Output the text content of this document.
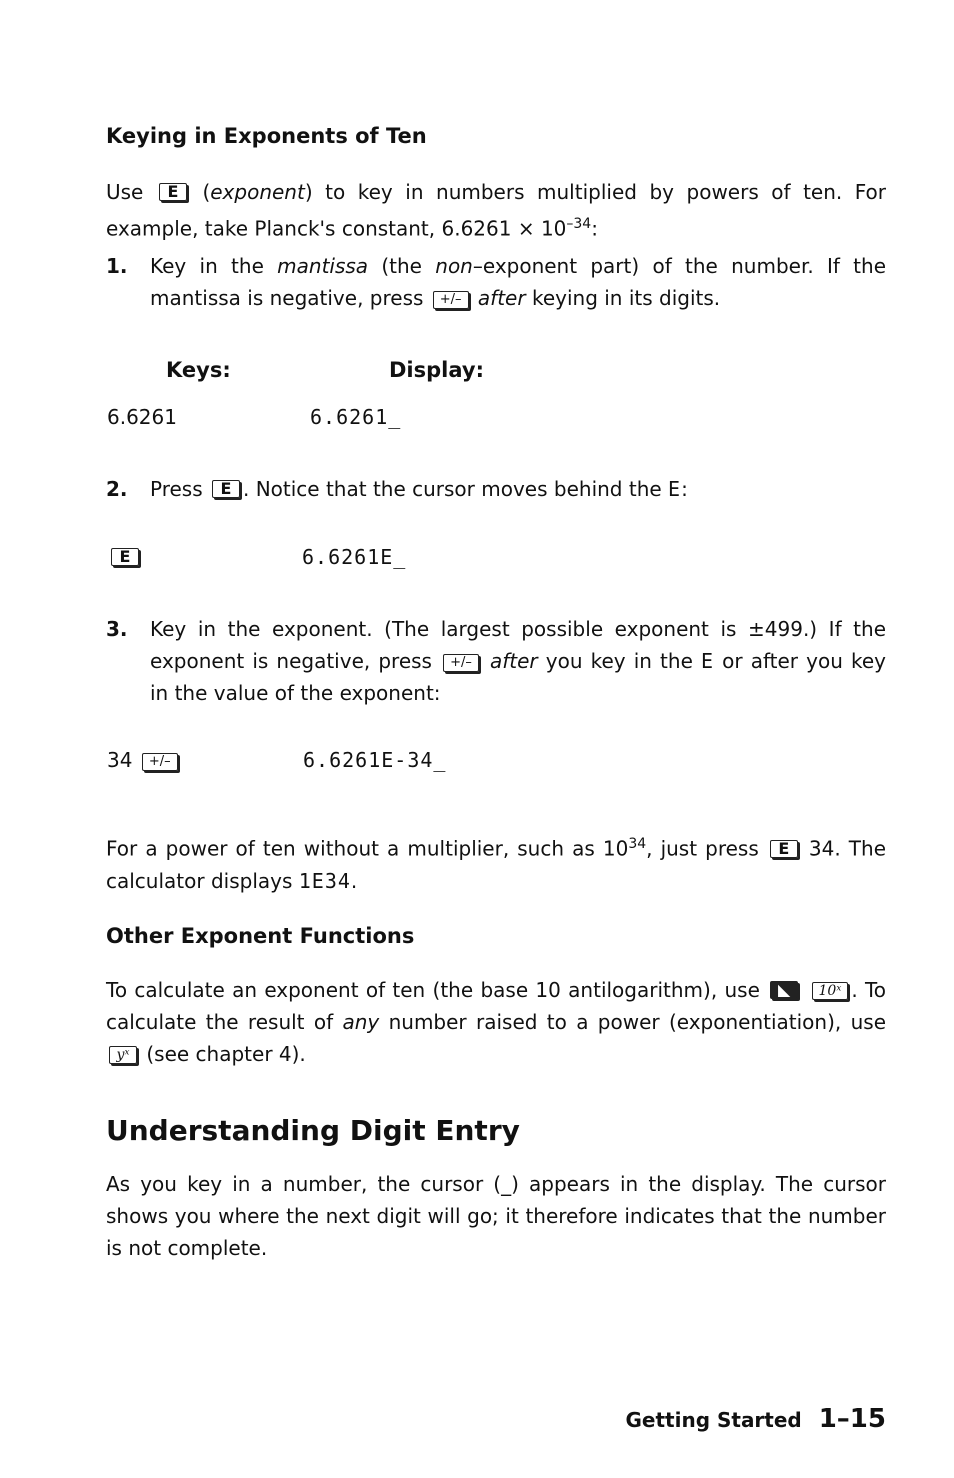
Keying in Exponents of Ten
Use E (exponent) to key in numbers multiplied by powers of ten. For example, take Planck's constant, $6.6261 \times 10^{-34}$:
1. Key in the mantissa (the non–exponent part) of the number. If the mantissa is negative, press +/– after keying in its digits.
Keys:	Display:
6.6261	6.6261_
2. Press E . Notice that the cursor moves behind the E:
E	6.6261E_
3. Key in the exponent. (The largest possible exponent is ±499.) If the exponent is negative, press +/– after you key in the E or after you key in the value of the exponent:
34 +/–	6.6261E-34_
For a power of ten without a multiplier, such as $10^{34}$, just press E 34. The calculator displays 1E34.
Other Exponent Functions
To calculate an exponent of ten (the base 10 antilogarithm), use ◣ 10ˣ . To calculate the result of any number raised to a power (exponentiation), use yˣ (see chapter 4).
Understanding Digit Entry
As you key in a number, the cursor (_) appears in the display. The cursor shows you where the next digit will go; it therefore indicates that the number is not complete.
Getting Started 1–15
